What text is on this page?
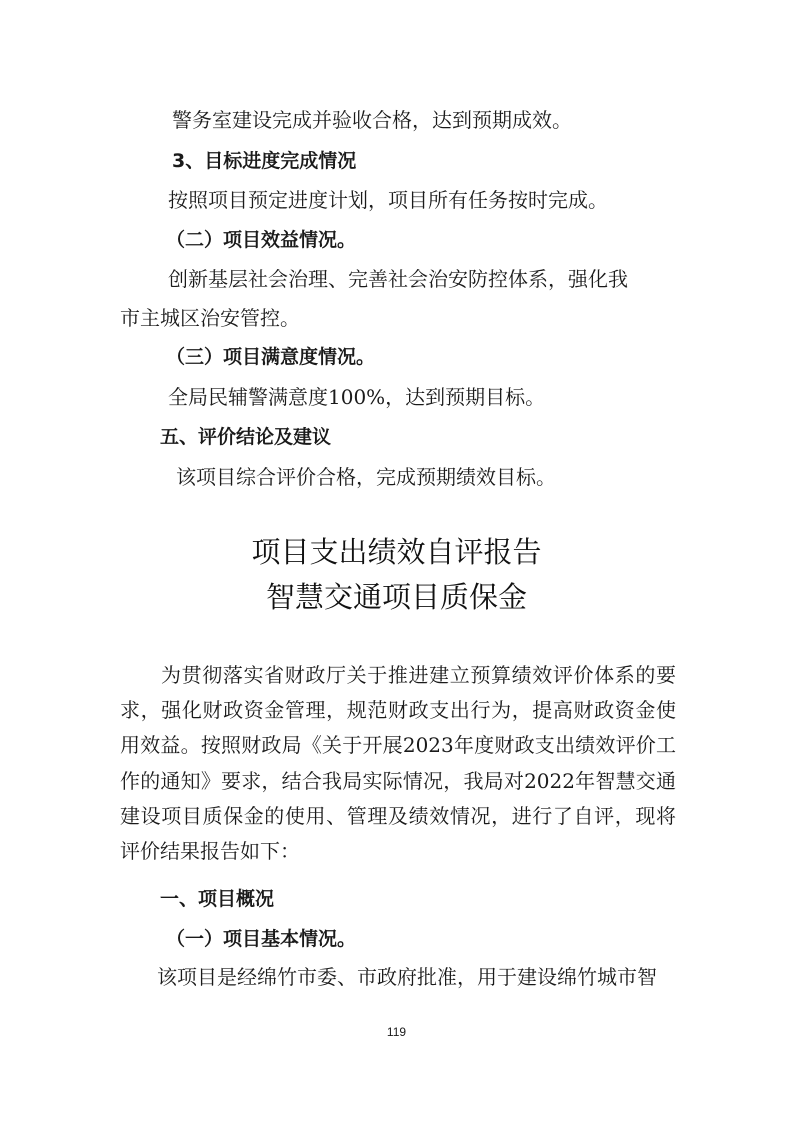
警务室建设完成并验收合格，达到预期成效。
3、目标进度完成情况
按照项目预定进度计划，项目所有任务按时完成。
（二）项目效益情况。
创新基层社会治理、完善社会治安防控体系，强化我
市主城区治安管控。
（三）项目满意度情况。
全局民辅警满意度100%，达到预期目标。
五、评价结论及建议
该项目综合评价合格，完成预期绩效目标。
项目支出绩效自评报告
智慧交通项目质保金
为贯彻落实省财政厅关于推进建立预算绩效评价体系的要求，强化财政资金管理，规范财政支出行为，提高财政资金使用效益。按照财政局《关于开展2023年度财政支出绩效评价工作的通知》要求，结合我局实际情况，我局对2022年智慧交通建设项目质保金的使用、管理及绩效情况，进行了自评，现将评价结果报告如下：
一、项目概况
（一）项目基本情况。
该项目是经绵竹市委、市政府批准，用于建设绵竹城市智
119
